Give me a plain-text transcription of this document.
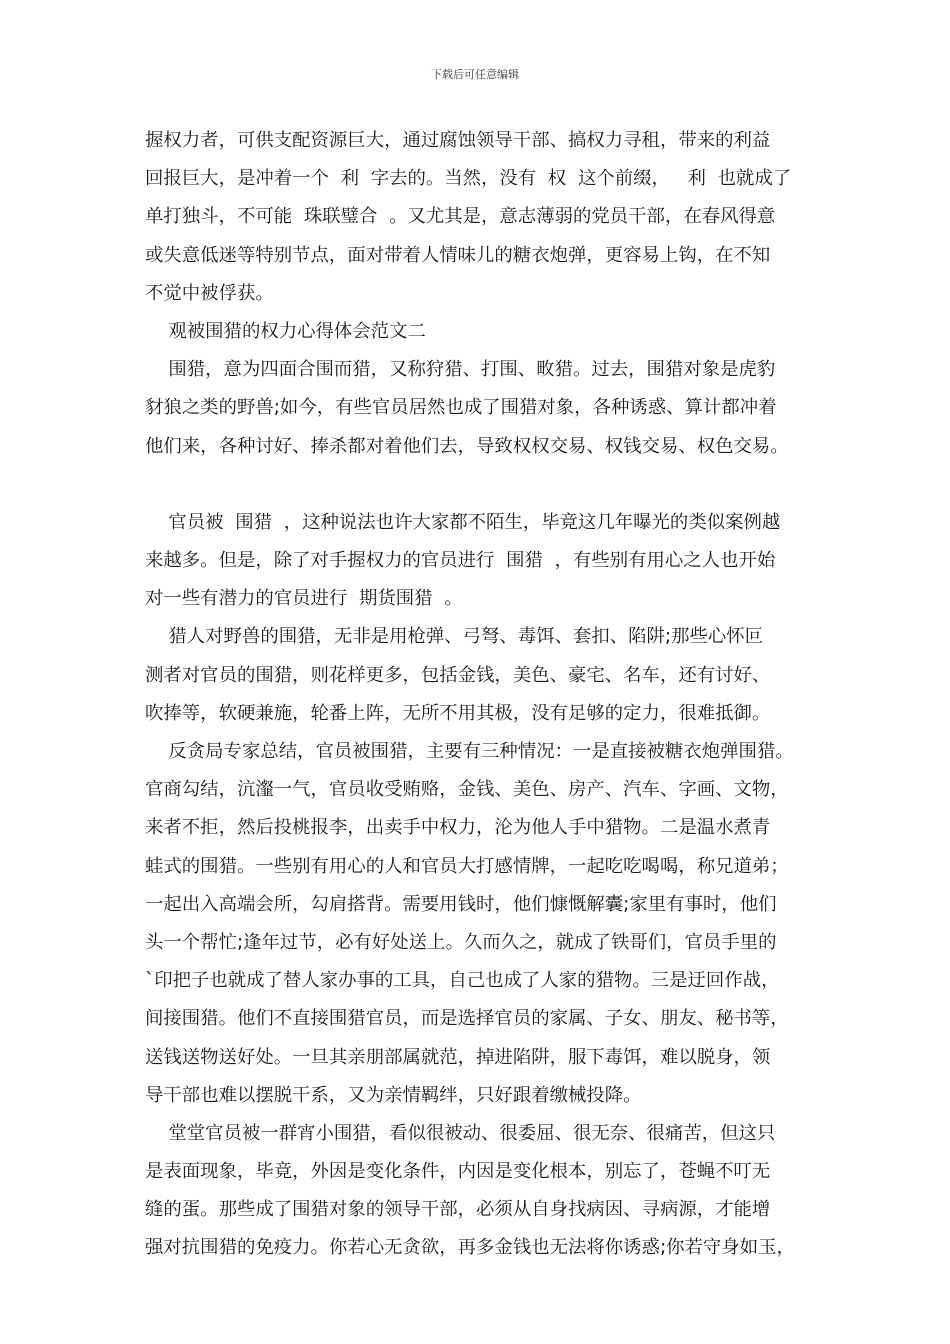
下载后可任意编辑
握权力者，可供支配资源巨大，通过腐蚀领导干部、搞权力寻租，带来的利益
回报巨大，是冲着一个  利  字去的。当然，没有  权  这个前缀，   利  也就成了
单打独斗，不可能  珠联璧合  。又尤其是，意志薄弱的党员干部，在春风得意
或失意低迷等特别节点，面对带着人情味儿的糖衣炮弹，更容易上钩，在不知
不觉中被俘获。
观被围猎的权力心得体会范文二
围猎，意为四面合围而猎，又称狩猎、打围、畋猎。过去，围猎对象是虎豹
豺狼之类的野兽;如今，有些官员居然也成了围猎对象，各种诱惑、算计都冲着
他们来，各种讨好、捧杀都对着他们去，导致权权交易、权钱交易、权色交易。
官员被  围猎  ，这种说法也许大家都不陌生，毕竟这几年曝光的类似案例越
来越多。但是，除了对手握权力的官员进行  围猎  ，有些别有用心之人也开始
对一些有潜力的官员进行  期货围猎  。
猎人对野兽的围猎，无非是用枪弹、弓弩、毒饵、套扣、陷阱;那些心怀叵
测者对官员的围猎，则花样更多，包括金钱，美色、豪宅、名车，还有讨好、
吹捧等，软硬兼施，轮番上阵，无所不用其极，没有足够的定力，很难抵御。
反贪局专家总结，官员被围猎，主要有三种情况：一是直接被糖衣炮弹围猎。
官商勾结，沆瀣一气，官员收受贿赂，金钱、美色、房产、汽车、字画、文物，
来者不拒，然后投桃报李，出卖手中权力，沦为他人手中猎物。二是温水煮青
蛙式的围猎。一些别有用心的人和官员大打感情牌，一起吃吃喝喝，称兄道弟；
一起出入高端会所，勾肩搭背。需要用钱时，他们慷慨解囊;家里有事时，他们
头一个帮忙;逢年过节，必有好处送上。久而久之，就成了铁哥们，官员手里的
`印把子也就成了替人家办事的工具，自己也成了人家的猎物。三是迂回作战，
间接围猎。他们不直接围猎官员，而是选择官员的家属、子女、朋友、秘书等，
送钱送物送好处。一旦其亲朋部属就范，掉进陷阱，服下毒饵，难以脱身，领
导干部也难以摆脱干系，又为亲情羁绊，只好跟着缴械投降。
堂堂官员被一群宵小围猎，看似很被动、很委屈、很无奈、很痛苦，但这只
是表面现象，毕竟，外因是变化条件，内因是变化根本，别忘了，苍蝇不叮无
缝的蛋。那些成了围猎对象的领导干部，必须从自身找病因、寻病源，才能增
强对抗围猎的免疫力。你若心无贪欲，再多金钱也无法将你诱惑;你若守身如玉，
